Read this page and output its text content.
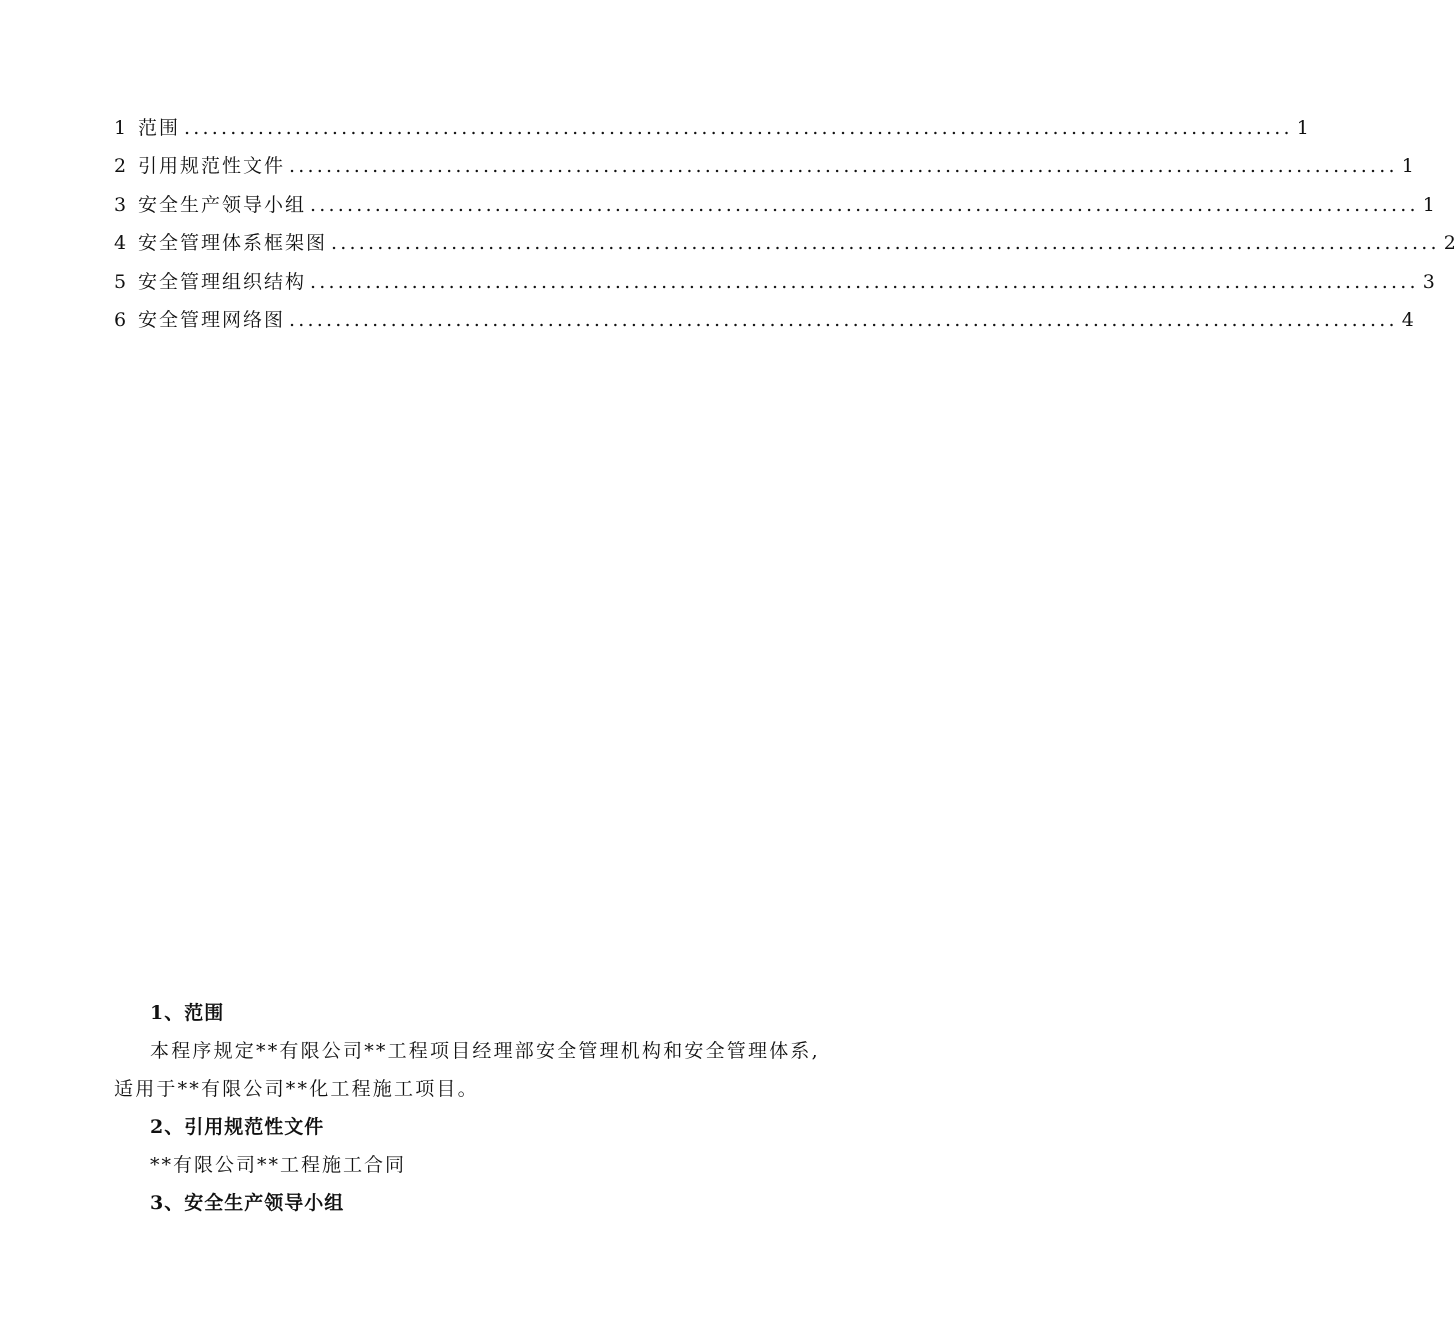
1 范围 ........................................................................................................................ 1
2 引用规范性文件 ........................................................................................................................ 1
3 安全生产领导小组 ........................................................................................................................ 1
4 安全管理体系框架图 ........................................................................................................................ 2
5 安全管理组织结构 ........................................................................................................................ 3
6 安全管理网络图 ........................................................................................................................ 4
1、范围
本程序规定**有限公司**工程项目经理部安全管理机构和安全管理体系,适用于**有限公司**化工程施工项目。
2、引用规范性文件
**有限公司**工程施工合同
3、安全生产领导小组
